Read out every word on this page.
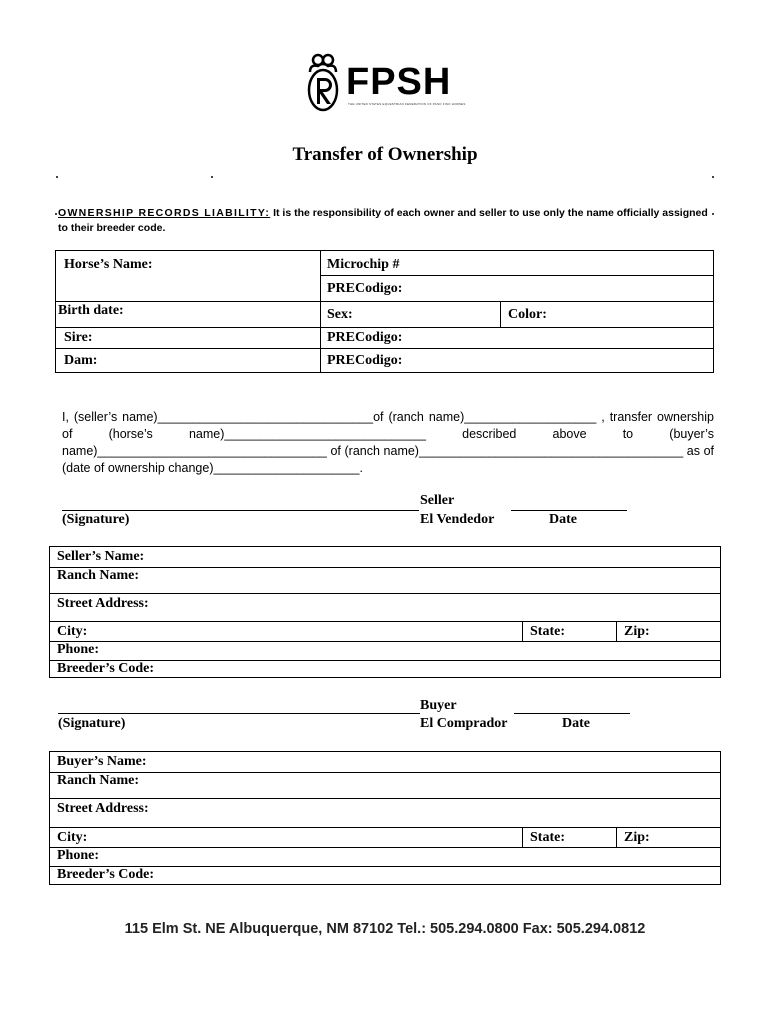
FPSH
THE UNITED STATES EQUESTRIAN FEDERATION OF PASO FINO HORSES
Transfer of Ownership
OWNERSHIP RECORDS LIABILITY: It is the responsibility of each owner and seller to use only the name officially assigned to their breeder code.
Horse’s Name:	Microchip #
PRECodigo:
Birth date:	Sex:	Color:
Sire:	PRECodigo:
Dam:	PRECodigo:
I, (seller’s name)_______________________________of (ranch name)___________________ , transfer ownership of (horse’s name)_____________________________ described above to (buyer’s name)_________________________________ of (ranch name)______________________________________ as of (date of ownership change)_____________________.
Seller
(Signature)	El Vendedor	Date
Seller’s Name:
Ranch Name:
Street Address:
City:	State:	Zip:
Phone:
Breeder’s Code:
Buyer
(Signature)	El Comprador	Date
Buyer’s Name:
Ranch Name:
Street Address:
City:	State:	Zip:
Phone:
Breeder’s Code:
115 Elm St. NE Albuquerque, NM 87102 Tel.: 505.294.0800 Fax: 505.294.0812
